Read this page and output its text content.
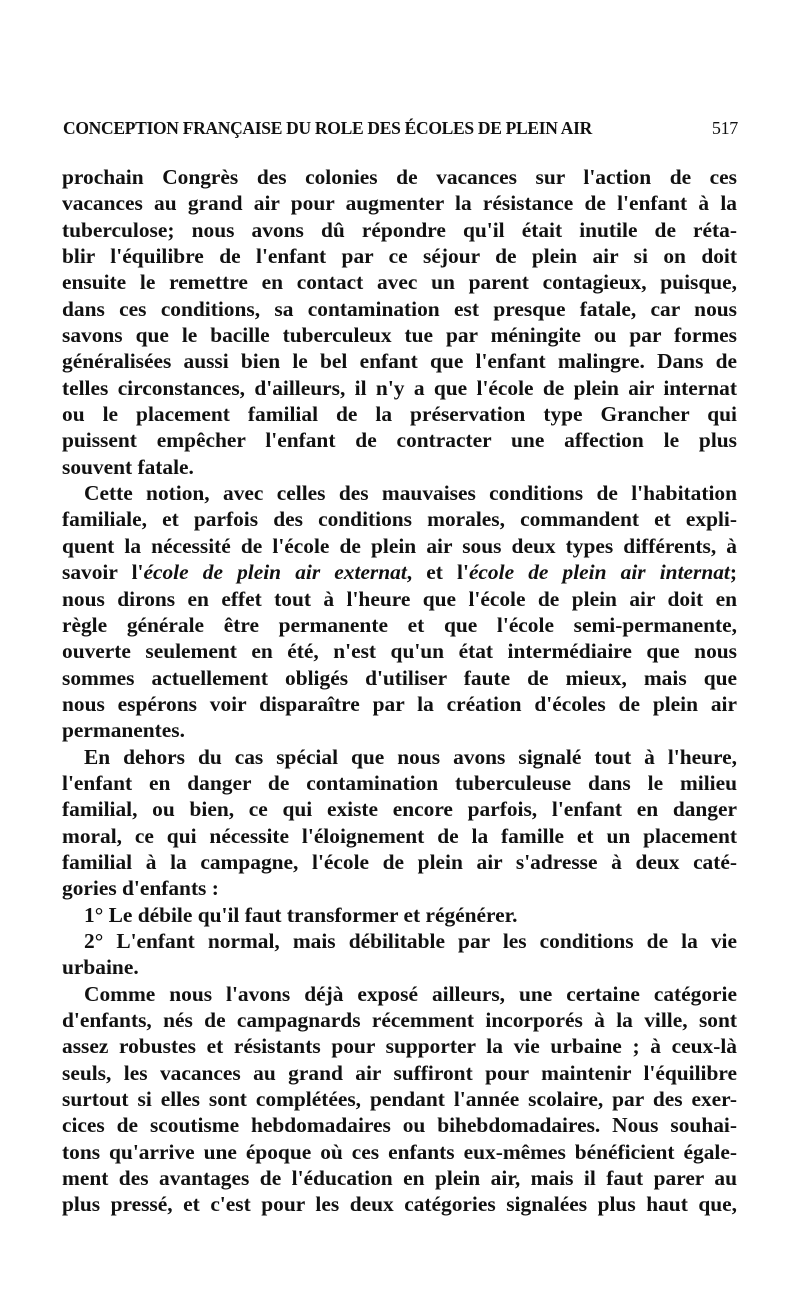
CONCEPTION FRANÇAISE DU ROLE DES ÉCOLES DE PLEIN AIR	517

prochain Congrès des colonies de vacances sur l'action de ces
vacances au grand air pour augmenter la résistance de l'enfant à la
tuberculose; nous avons dû répondre qu'il était inutile de réta-
blir l'équilibre de l'enfant par ce séjour de plein air si on doit
ensuite le remettre en contact avec un parent contagieux, puisque,
dans ces conditions, sa contamination est presque fatale, car nous
savons que le bacille tuberculeux tue par méningite ou par formes
généralisées aussi bien le bel enfant que l'enfant malingre. Dans de
telles circonstances, d'ailleurs, il n'y a que l'école de plein air internat
ou le placement familial de la préservation type Grancher qui
puissent empêcher l'enfant de contracter une affection le plus
souvent fatale.

Cette notion, avec celles des mauvaises conditions de l'habitation
familiale, et parfois des conditions morales, commandent et expli-
quent la nécessité de l'école de plein air sous deux types différents, à
savoir l'école de plein air externat, et l'école de plein air internat;
nous dirons en effet tout à l'heure que l'école de plein air doit en
règle générale être permanente et que l'école semi-permanente,
ouverte seulement en été, n'est qu'un état intermédiaire que nous
sommes actuellement obligés d'utiliser faute de mieux, mais que
nous espérons voir disparaître par la création d'écoles de plein air
permanentes.

En dehors du cas spécial que nous avons signalé tout à l'heure,
l'enfant en danger de contamination tuberculeuse dans le milieu
familial, ou bien, ce qui existe encore parfois, l'enfant en danger
moral, ce qui nécessite l'éloignement de la famille et un placement
familial à la campagne, l'école de plein air s'adresse à deux caté-
gories d'enfants :

1° Le débile qu'il faut transformer et régénérer.

2° L'enfant normal, mais débilitable par les conditions de la vie
urbaine.

Comme nous l'avons déjà exposé ailleurs, une certaine catégorie
d'enfants, nés de campagnards récemment incorporés à la ville, sont
assez robustes et résistants pour supporter la vie urbaine ; à ceux-là
seuls, les vacances au grand air suffiront pour maintenir l'équilibre
surtout si elles sont complétées, pendant l'année scolaire, par des exer-
cices de scoutisme hebdomadaires ou bihebdomadaires. Nous souhai-
tons qu'arrive une époque où ces enfants eux-mêmes bénéficient égale-
ment des avantages de l'éducation en plein air, mais il faut parer au
plus pressé, et c'est pour les deux catégories signalées plus haut que,
